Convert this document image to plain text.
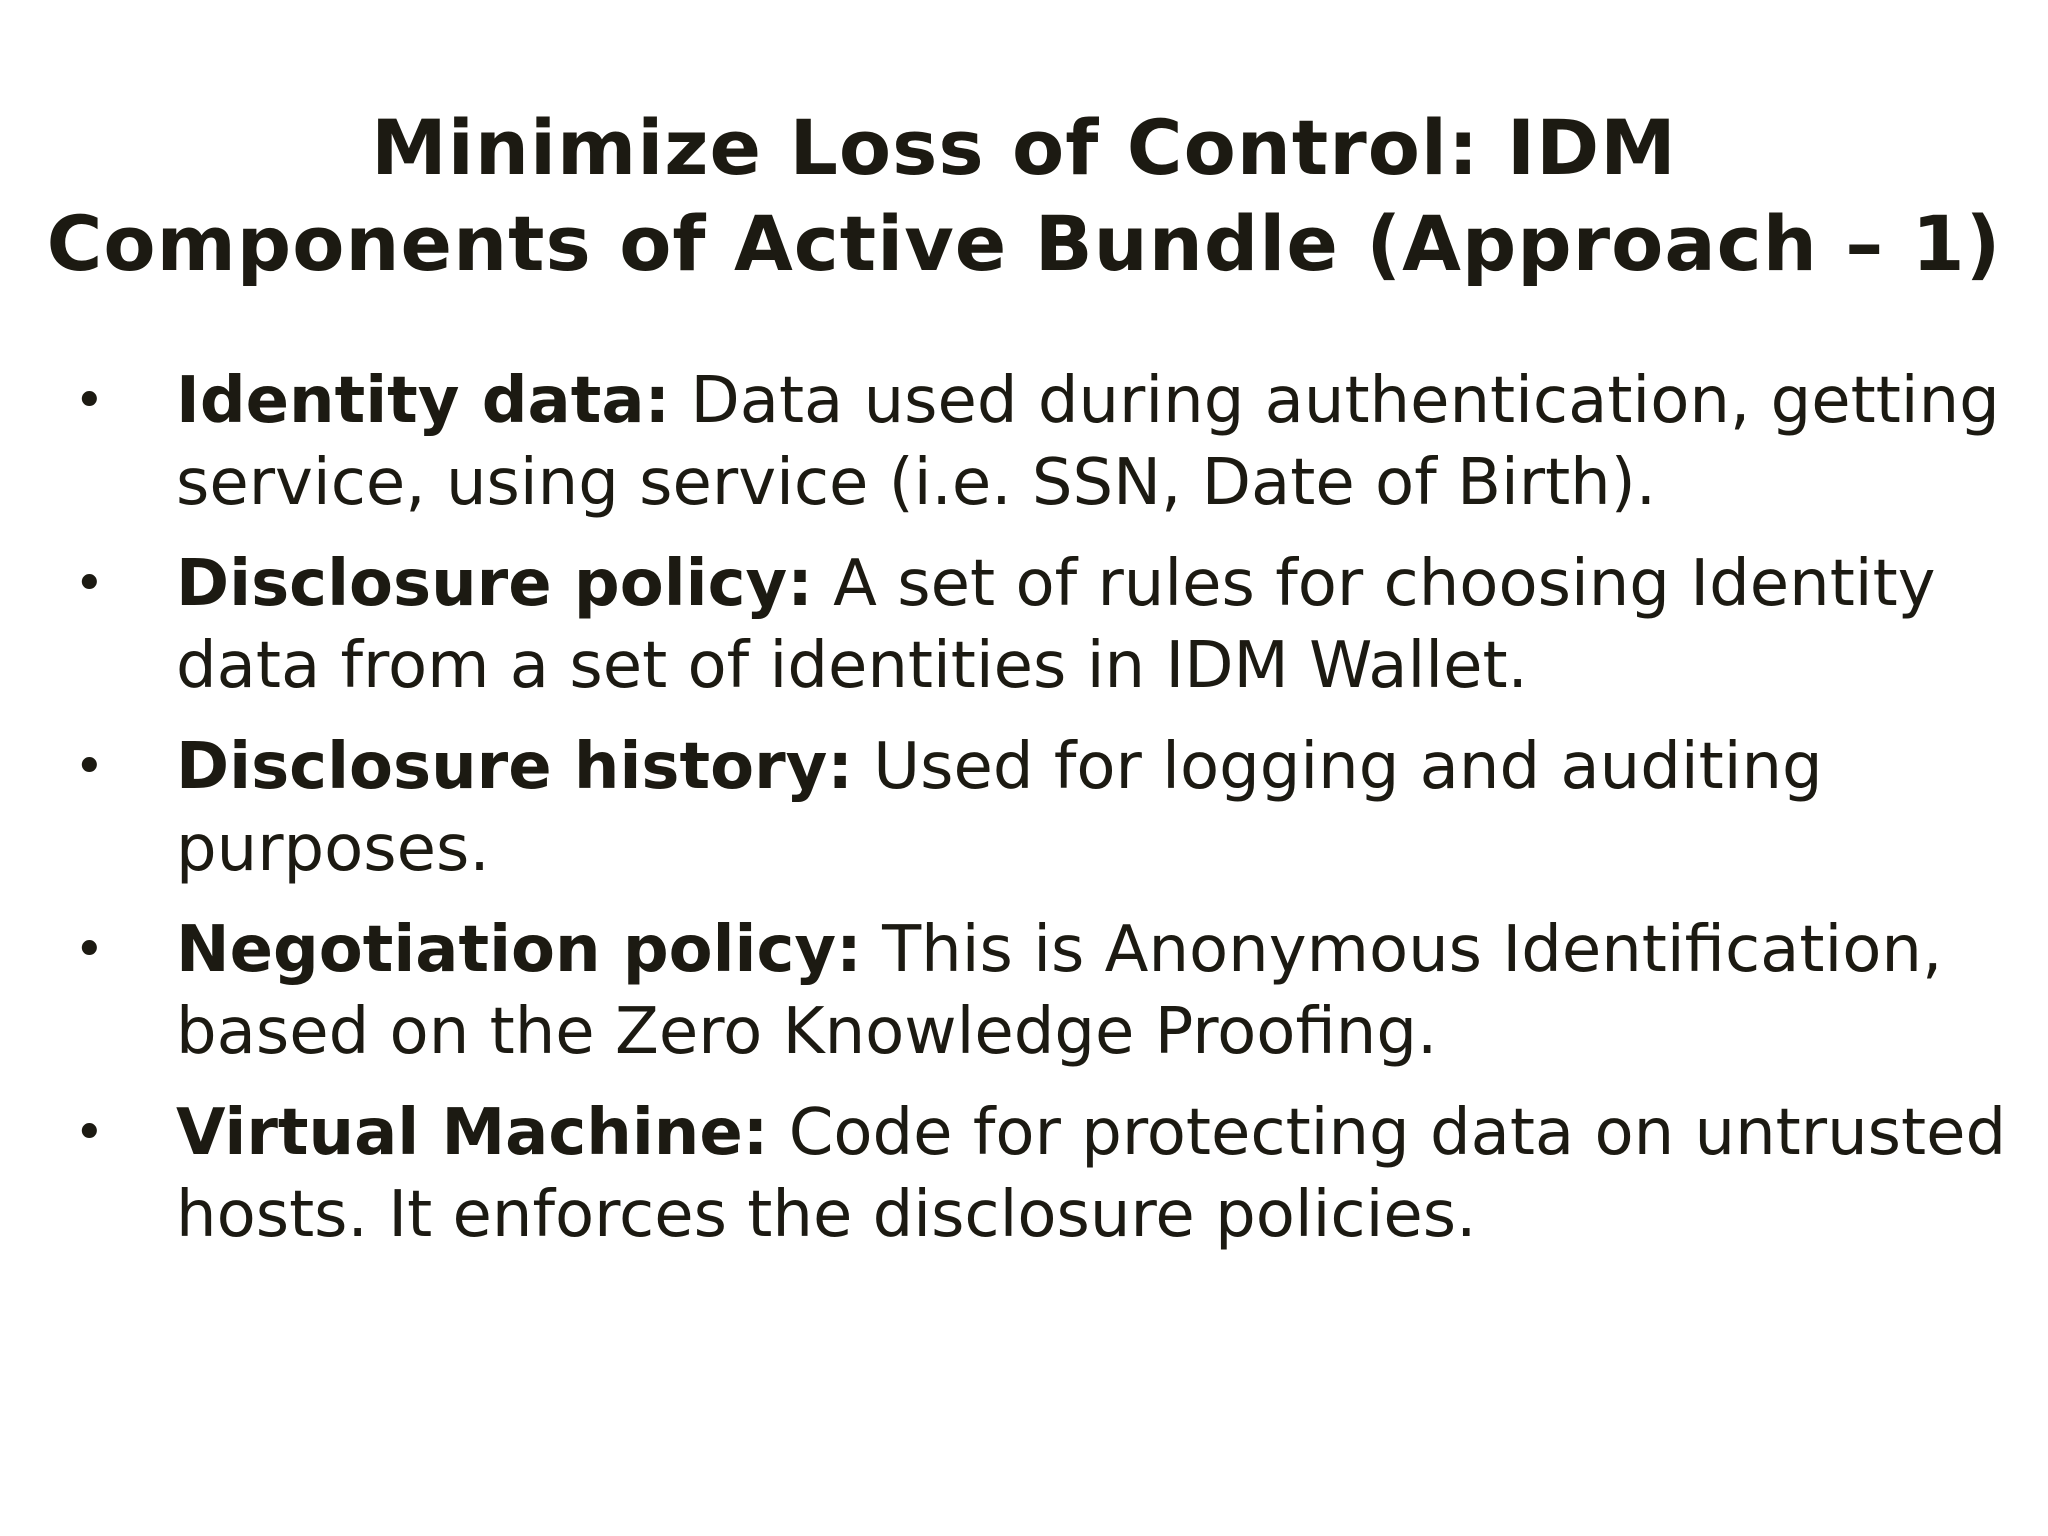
Minimize Loss of Control: IDM
Components of Active Bundle (Approach – 1)
• Identity data: Data used during authentication, getting
service, using service (i.e. SSN, Date of Birth).
• Disclosure policy: A set of rules for choosing Identity
data from a set of identities in IDM Wallet.
• Disclosure history: Used for logging and auditing
purposes.
• Negotiation policy: This is Anonymous Identification,
based on the Zero Knowledge Proofing.
• Virtual Machine: Code for protecting data on untrusted
hosts. It enforces the disclosure policies.
